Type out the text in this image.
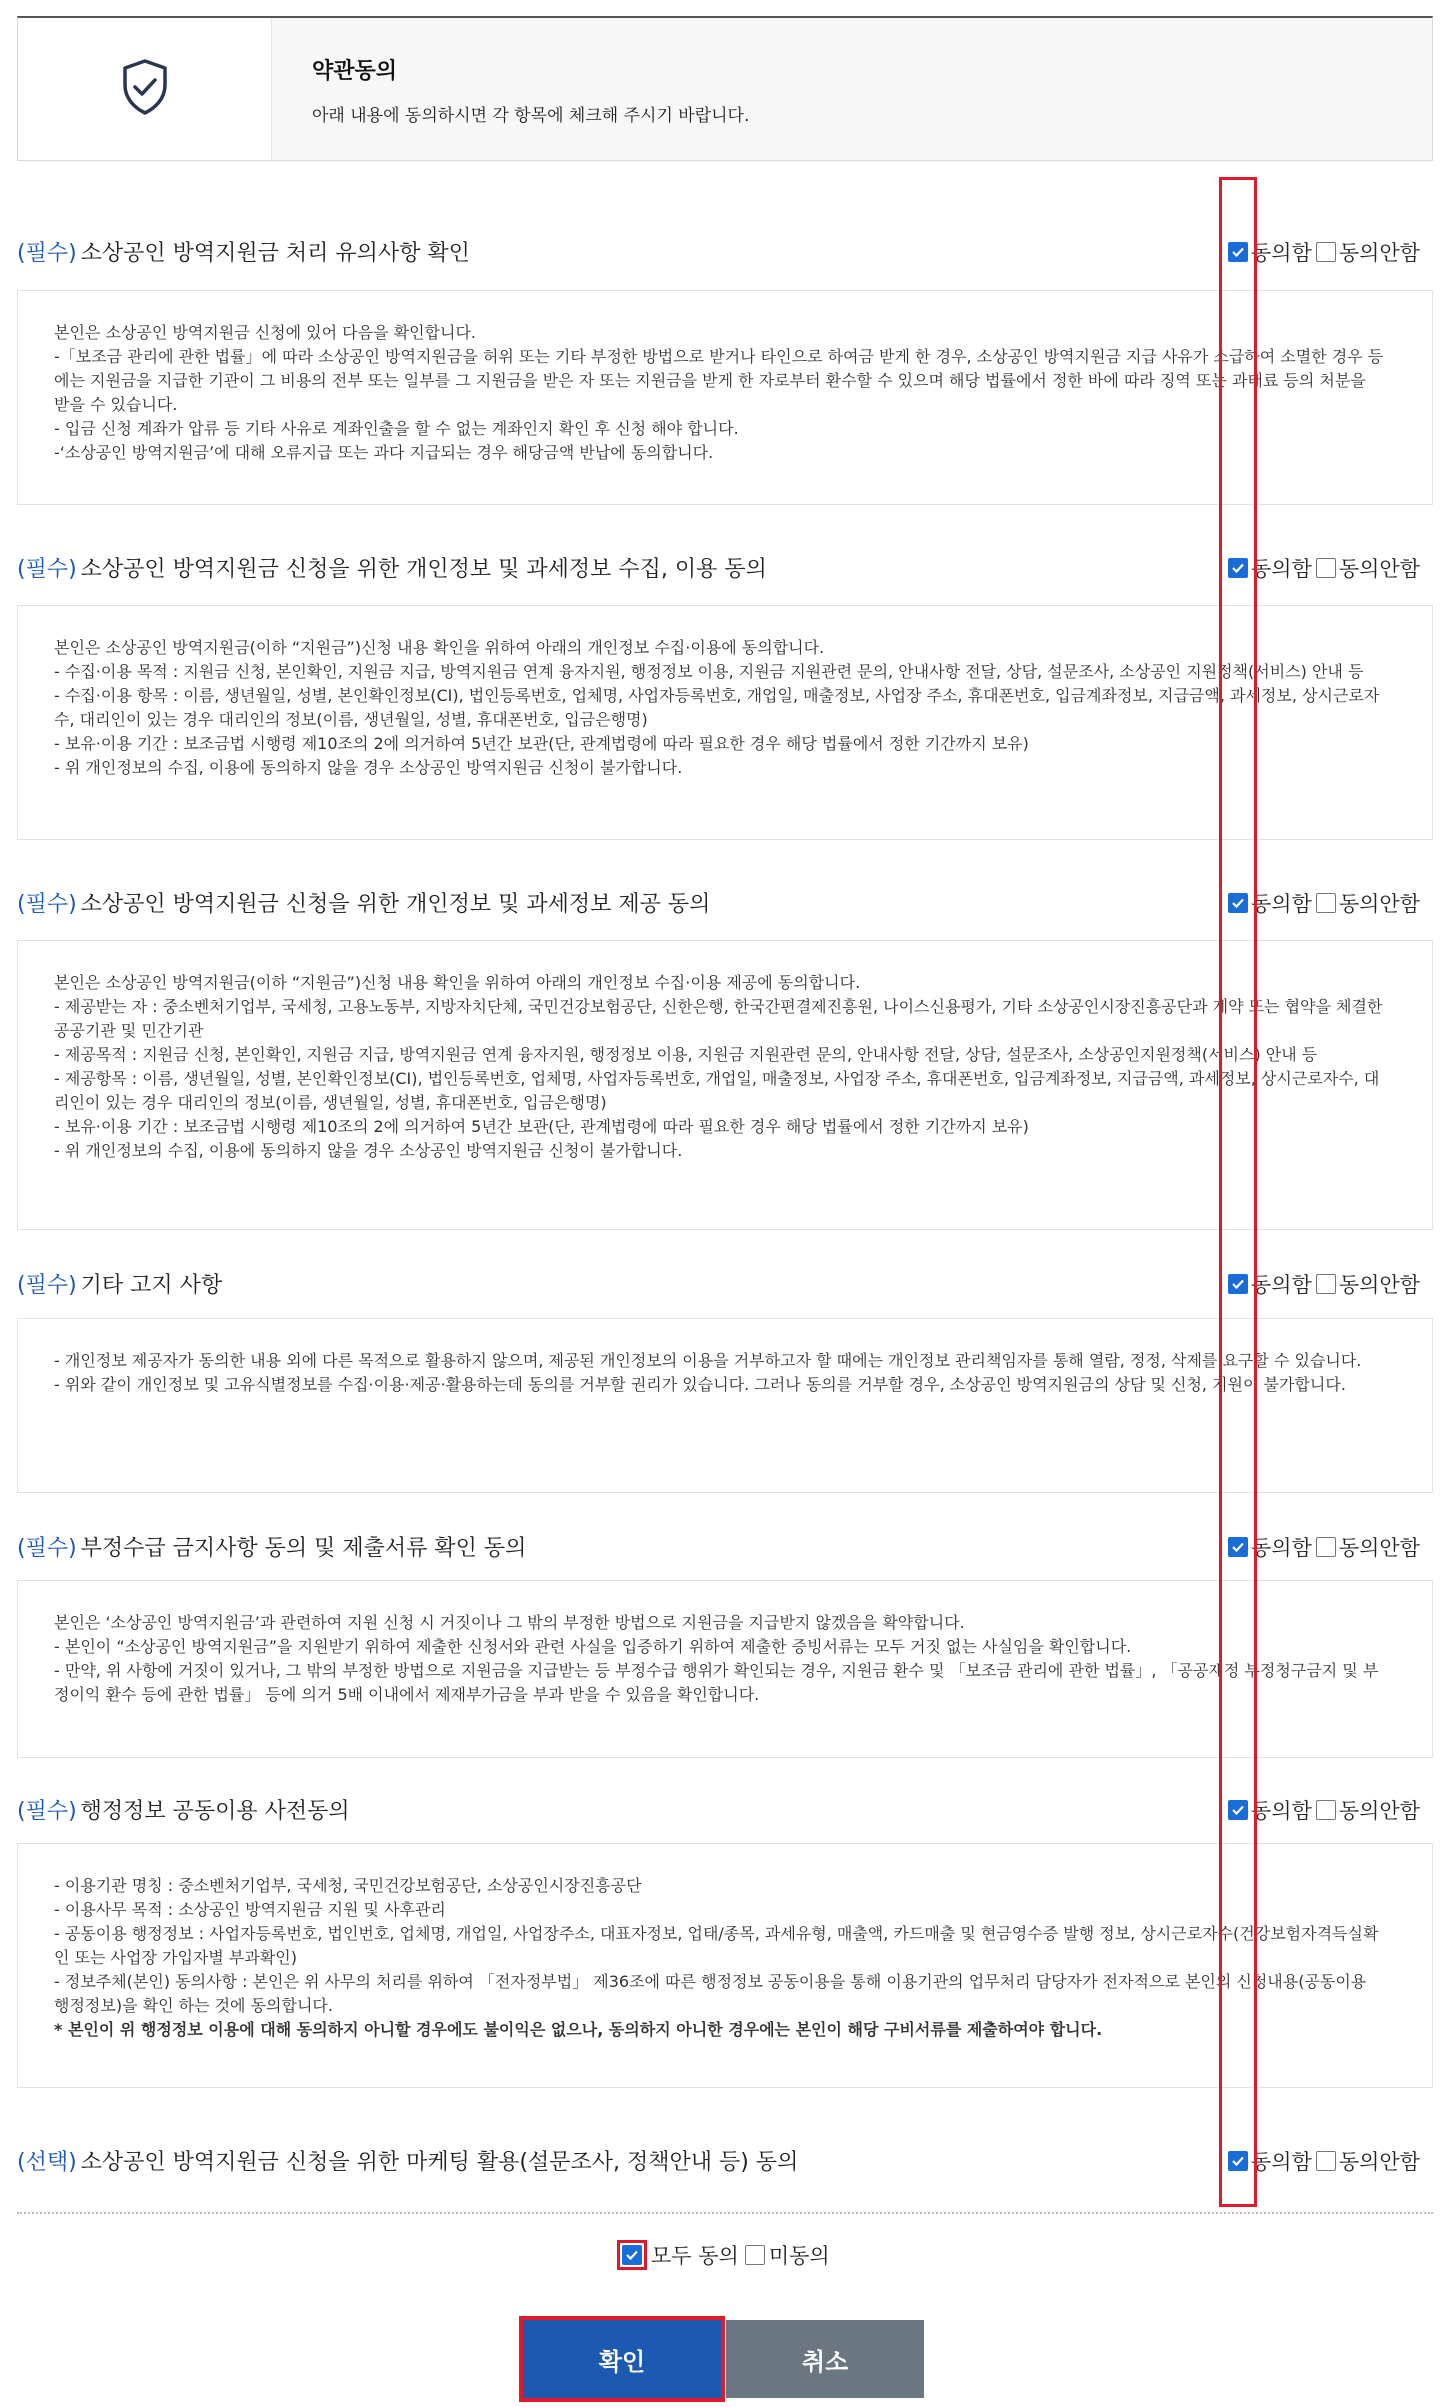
약관동의
아래 내용에 동의하시면 각 항목에 체크해 주시기 바랍니다.
(필수) 소상공인 방역지원금 처리 유의사항 확인	동의함 동의안함

본인은 소상공인 방역지원금 신청에 있어 다음을 확인합니다.

-「보조금 관리에 관한 법률」에 따라 소상공인 방역지원금을 허위 또는 기타 부정한 방법으로 받거나 타인으로 하여금 받게 한 경우, 소상공인 방역지원금 지급 사유가 소급하여 소멸한 경우 등에는 지원금을 지급한 기관이 그 비용의 전부 또는 일부를 그 지원금을 받은 자 또는 지원금을 받게 한 자로부터 환수할 수 있으며 해당 법률에서 정한 바에 따라 징역 또는 과태료 등의 처분을 받을 수 있습니다.

- 입금 신청 계좌가 압류 등 기타 사유로 계좌인출을 할 수 없는 계좌인지 확인 후 신청 해야 합니다.

-‘소상공인 방역지원금’에 대해 오류지급 또는 과다 지급되는 경우 해당금액 반납에 동의합니다.

(필수) 소상공인 방역지원금 신청을 위한 개인정보 및 과세정보 수집, 이용 동의	동의함 동의안함

본인은 소상공인 방역지원금(이하 “지원금”)신청 내용 확인을 위하여 아래의 개인정보 수집·이용에 동의합니다.

- 수집·이용 목적 : 지원금 신청, 본인확인, 지원금 지급, 방역지원금 연계 융자지원, 행정정보 이용, 지원금 지원관련 문의, 안내사항 전달, 상담, 설문조사, 소상공인 지원정책(서비스) 안내 등

- 수집·이용 항목 : 이름, 생년월일, 성별, 본인확인정보(CI), 법인등록번호, 업체명, 사업자등록번호, 개업일, 매출정보, 사업장 주소, 휴대폰번호, 입금계좌정보, 지급금액, 과세정보, 상시근로자수, 대리인이 있는 경우 대리인의 정보(이름, 생년월일, 성별, 휴대폰번호, 입금은행명)

- 보유·이용 기간 : 보조금법 시행령 제10조의 2에 의거하여 5년간 보관(단, 관계법령에 따라 필요한 경우 해당 법률에서 정한 기간까지 보유)

- 위 개인정보의 수집, 이용에 동의하지 않을 경우 소상공인 방역지원금 신청이 불가합니다.

(필수) 소상공인 방역지원금 신청을 위한 개인정보 및 과세정보 제공 동의	동의함 동의안함

본인은 소상공인 방역지원금(이하 “지원금”)신청 내용 확인을 위하여 아래의 개인정보 수집·이용 제공에 동의합니다.

- 제공받는 자 : 중소벤처기업부, 국세청, 고용노동부, 지방자치단체, 국민건강보험공단, 신한은행, 한국간편결제진흥원, 나이스신용평가, 기타 소상공인시장진흥공단과 계약 또는 협약을 체결한 공공기관 및 민간기관

- 제공목적 : 지원금 신청, 본인확인, 지원금 지급, 방역지원금 연계 융자지원, 행정정보 이용, 지원금 지원관련 문의, 안내사항 전달, 상담, 설문조사, 소상공인지원정책(서비스) 안내 등

- 제공항목 : 이름, 생년월일, 성별, 본인확인정보(CI), 법인등록번호, 업체명, 사업자등록번호, 개업일, 매출정보, 사업장 주소, 휴대폰번호, 입금계좌정보, 지급금액, 과세정보, 상시근로자수, 대리인이 있는 경우 대리인의 정보(이름, 생년월일, 성별, 휴대폰번호, 입금은행명)

- 보유·이용 기간 : 보조금법 시행령 제10조의 2에 의거하여 5년간 보관(단, 관계법령에 따라 필요한 경우 해당 법률에서 정한 기간까지 보유)

- 위 개인정보의 수집, 이용에 동의하지 않을 경우 소상공인 방역지원금 신청이 불가합니다.

(필수) 기타 고지 사항	동의함 동의안함

- 개인정보 제공자가 동의한 내용 외에 다른 목적으로 활용하지 않으며, 제공된 개인정보의 이용을 거부하고자 할 때에는 개인정보 관리책임자를 통해 열람, 정정, 삭제를 요구할 수 있습니다.

- 위와 같이 개인정보 및 고유식별정보를 수집·이용·제공·활용하는데 동의를 거부할 권리가 있습니다. 그러나 동의를 거부할 경우, 소상공인 방역지원금의 상담 및 신청, 지원이 불가합니다.

(필수) 부정수급 금지사항 동의 및 제출서류 확인 동의	동의함 동의안함

본인은 ‘소상공인 방역지원금’과 관련하여 지원 신청 시 거짓이나 그 밖의 부정한 방법으로 지원금을 지급받지 않겠음을 확약합니다.

- 본인이 “소상공인 방역지원금”을 지원받기 위하여 제출한 신청서와 관련 사실을 입증하기 위하여 제출한 증빙서류는 모두 거짓 없는 사실임을 확인합니다.

- 만약, 위 사항에 거짓이 있거나, 그 밖의 부정한 방법으로 지원금을 지급받는 등 부정수급 행위가 확인되는 경우, 지원금 환수 및 「보조금 관리에 관한 법률」, 「공공재정 부정청구금지 및 부정이익 환수 등에 관한 법률」 등에 의거 5배 이내에서 제재부가금을 부과 받을 수 있음을 확인합니다.

(필수) 행정정보 공동이용 사전동의	동의함 동의안함

- 이용기관 명칭 : 중소벤처기업부, 국세청, 국민건강보험공단, 소상공인시장진흥공단

- 이용사무 목적 : 소상공인 방역지원금 지원 및 사후관리

- 공동이용 행정정보 : 사업자등록번호, 법인번호, 업체명, 개업일, 사업장주소, 대표자정보, 업태/종목, 과세유형, 매출액, 카드매출 및 현금영수증 발행 정보, 상시근로자수(건강보험자격득실확인 또는 사업장 가입자별 부과확인)

- 정보주체(본인) 동의사항 : 본인은 위 사무의 처리를 위하여 「전자정부법」 제36조에 따른 행정정보 공동이용을 통해 이용기관의 업무처리 담당자가 전자적으로 본인의 신청내용(공동이용 행정정보)을 확인 하는 것에 동의합니다.

* 본인이 위 행정정보 이용에 대해 동의하지 아니할 경우에도 불이익은 없으나, 동의하지 아니한 경우에는 본인이 해당 구비서류를 제출하여야 합니다.

(선택) 소상공인 방역지원금 신청을 위한 마케팅 활용(설문조사, 정책안내 등) 동의	동의함 동의안함
모두 동의 미동의
확인	취소
